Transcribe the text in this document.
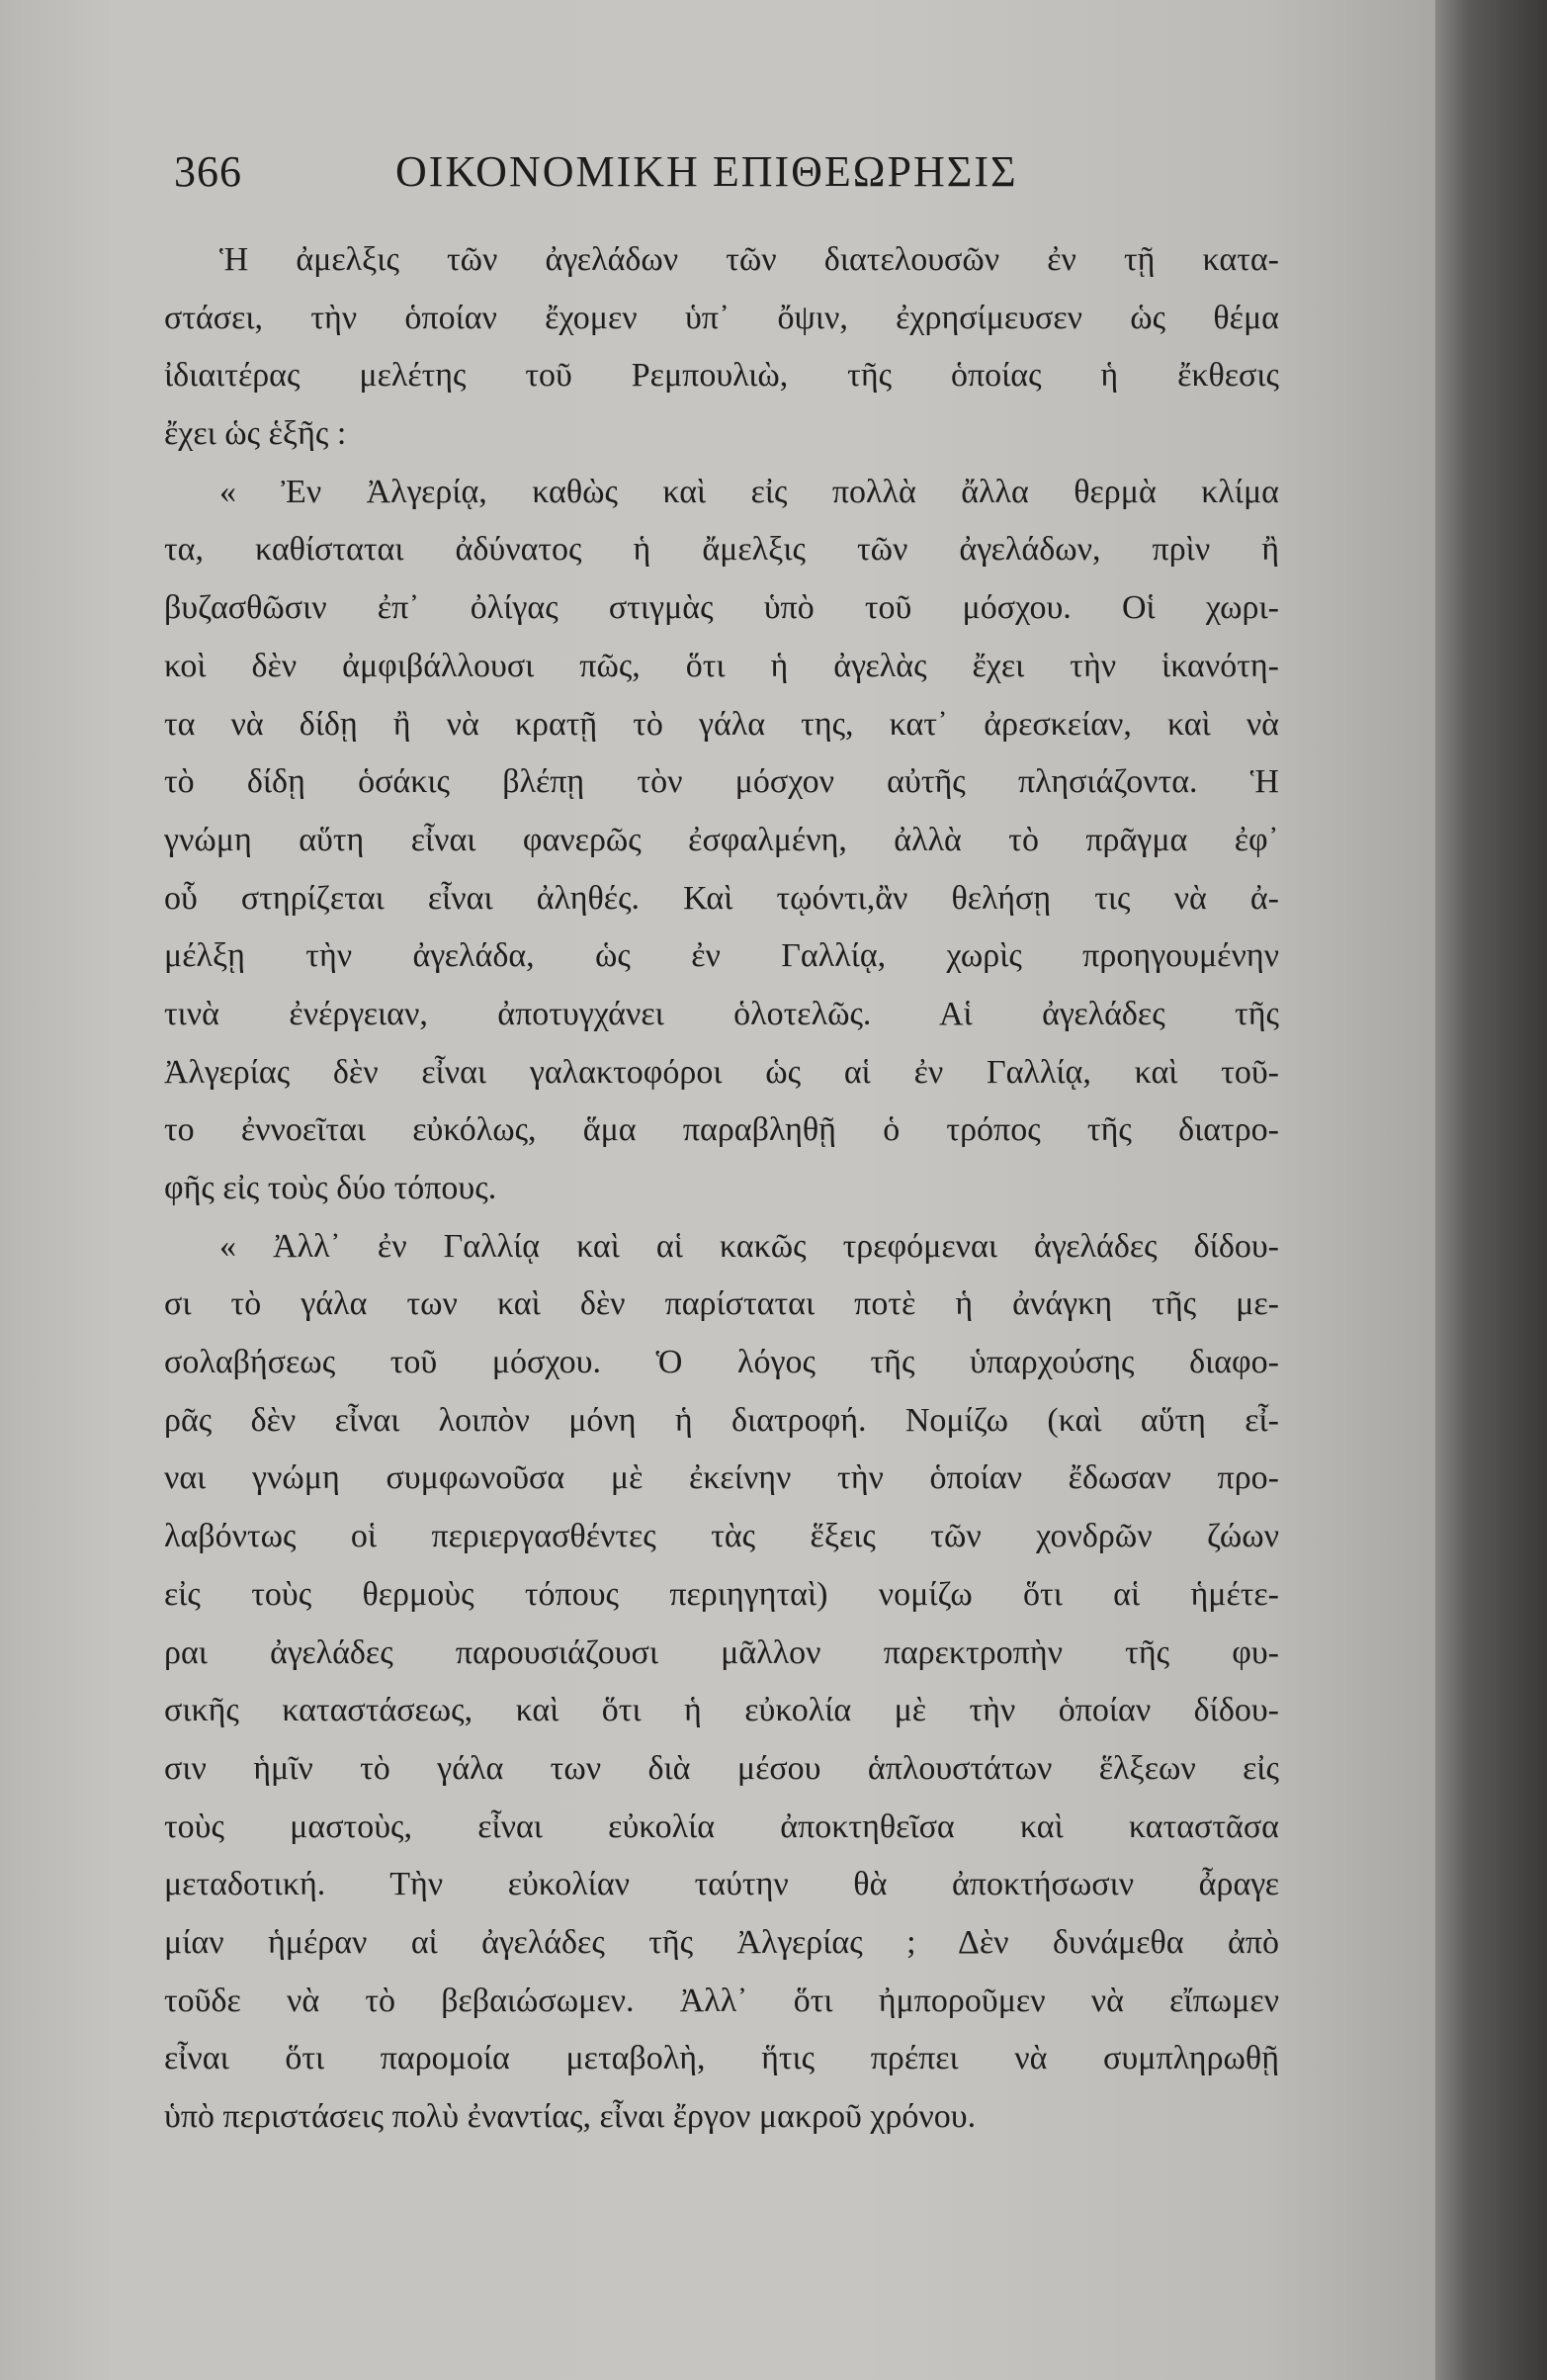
366	ΟΙΚΟΝΟΜΙΚΗ ΕΠΙΘΕΩΡΗΣΙΣ
Ἡ ἀμελξις τῶν ἀγελάδων τῶν διατελουσῶν ἐν τῇ κατα-
στάσει, τὴν ὁποίαν ἔχομεν ὑπ᾿ ὄψιν, ἐχρησίμευσεν ὡς θέμα
ἰδιαιτέρας μελέτης τοῦ Ρεμπουλιὼ, τῆς ὁποίας ἡ ἔκθεσις
ἔχει ὡς ἑξῆς :
« Ἐν Ἀλγερίᾳ, καθὼς καὶ εἰς πολλὰ ἄλλα θερμὰ κλίμα
τα, καθίσταται ἀδύνατος ἡ ἄμελξις τῶν ἀγελάδων, πρὶν ἢ
βυζασθῶσιν ἐπ᾿ ὀλίγας στιγμὰς ὑπὸ τοῦ μόσχου. Οἱ χωρι-
κοὶ δὲν ἀμφιβάλλουσι πῶς, ὅτι ἡ ἀγελὰς ἔχει τὴν ἱκανότη-
τα νὰ δίδῃ ἢ νὰ κρατῇ τὸ γάλα της, κατ᾿ ἀρεσκείαν, καὶ νὰ
τὸ δίδῃ ὁσάκις βλέπῃ τὸν μόσχον αὐτῆς πλησιάζοντα. Ἡ
γνώμη αὕτη εἶναι φανερῶς ἐσφαλμένη, ἀλλὰ τὸ πρᾶγμα ἐφ᾿
οὗ στηρίζεται εἶναι ἀληθές. Καὶ τῳόντι,ἂν θελήσῃ τις νὰ ἀ-
μέλξῃ τὴν ἀγελάδα, ὡς ἐν Γαλλίᾳ, χωρὶς προηγουμένην
τινὰ ἐνέργειαν, ἀποτυγχάνει ὁλοτελῶς. Αἱ ἀγελάδες τῆς
Ἀλγερίας δὲν εἶναι γαλακτοφόροι ὡς αἱ ἐν Γαλλίᾳ, καὶ τοῦ-
το ἐννοεῖται εὐκόλως, ἅμα παραβληθῇ ὁ τρόπος τῆς διατρο-
φῆς εἰς τοὺς δύο τόπους.
« Ἀλλ᾿ ἐν Γαλλίᾳ καὶ αἱ κακῶς τρεφόμεναι ἀγελάδες δίδου-
σι τὸ γάλα των καὶ δὲν παρίσταται ποτὲ ἡ ἀνάγκη τῆς με-
σολαβήσεως τοῦ μόσχου. Ὁ λόγος τῆς ὑπαρχούσης διαφο-
ρᾶς δὲν εἶναι λοιπὸν μόνη ἡ διατροφή. Νομίζω (καὶ αὕτη εἶ-
ναι γνώμη συμφωνοῦσα μὲ ἐκείνην τὴν ὁποίαν ἔδωσαν προ-
λαβόντως οἱ περιεργασθέντες τὰς ἕξεις τῶν χονδρῶν ζώων
εἰς τοὺς θερμοὺς τόπους περιηγηταὶ) νομίζω ὅτι αἱ ἡμέτε-
ραι ἀγελάδες παρουσιάζουσι μᾶλλον παρεκτροπὴν τῆς φυ-
σικῆς καταστάσεως, καὶ ὅτι ἡ εὐκολία μὲ τὴν ὁποίαν δίδου-
σιν ἡμῖν τὸ γάλα των διὰ μέσου ἁπλουστάτων ἕλξεων εἰς
τοὺς μαστοὺς, εἶναι εὐκολία ἀποκτηθεῖσα καὶ καταστᾶσα
μεταδοτική. Τὴν εὐκολίαν ταύτην θὰ ἀποκτήσωσιν ἆραγε
μίαν ἡμέραν αἱ ἀγελάδες τῆς Ἀλγερίας ; Δὲν δυνάμεθα ἀπὸ
τοῦδε νὰ τὸ βεβαιώσωμεν. Ἀλλ᾿ ὅτι ἠμποροῦμεν νὰ εἴπωμεν
εἶναι ὅτι παρομοία μεταβολὴ, ἥτις πρέπει νὰ συμπληρωθῇ
ὑπὸ περιστάσεις πολὺ ἐναντίας, εἶναι ἔργον μακροῦ χρόνου.
